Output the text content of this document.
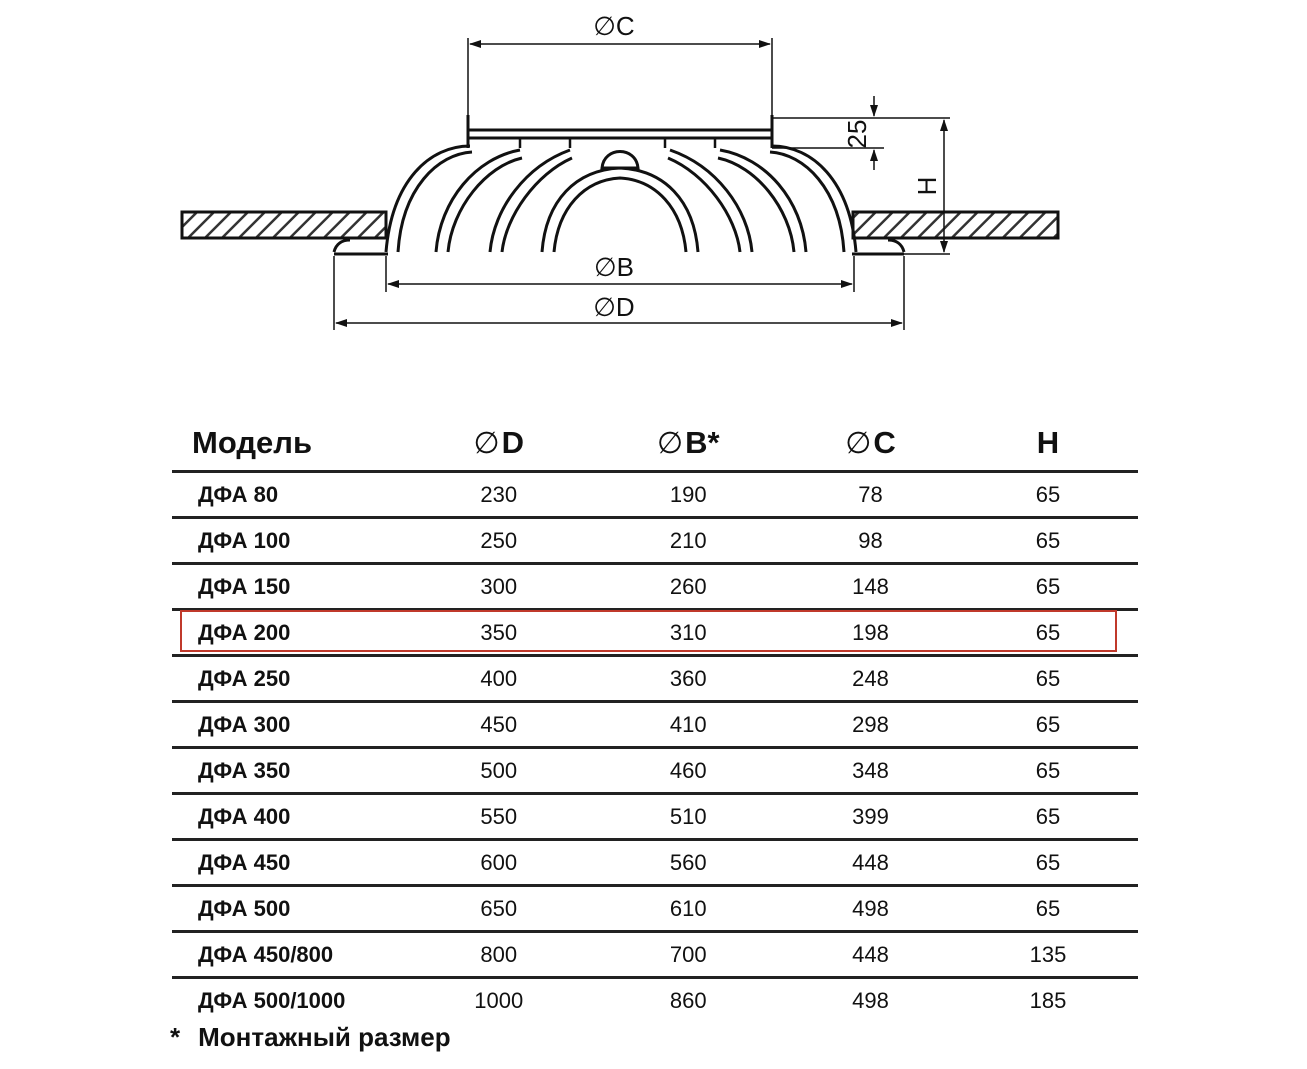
∅C
∅B
∅D
25
H
Модель	∅D	∅B*	∅C	H
ДФА 80	230	190	78	65
ДФА 100	250	210	98	65
ДФА 150	300	260	148	65
ДФА 200	350	310	198	65
ДФА 250	400	360	248	65
ДФА 300	450	410	298	65
ДФА 350	500	460	348	65
ДФА 400	550	510	399	65
ДФА 450	600	560	448	65
ДФА 500	650	610	498	65
ДФА 450/800	800	700	448	135
ДФА 500/1000	1000	860	498	185
* Монтажный размер
